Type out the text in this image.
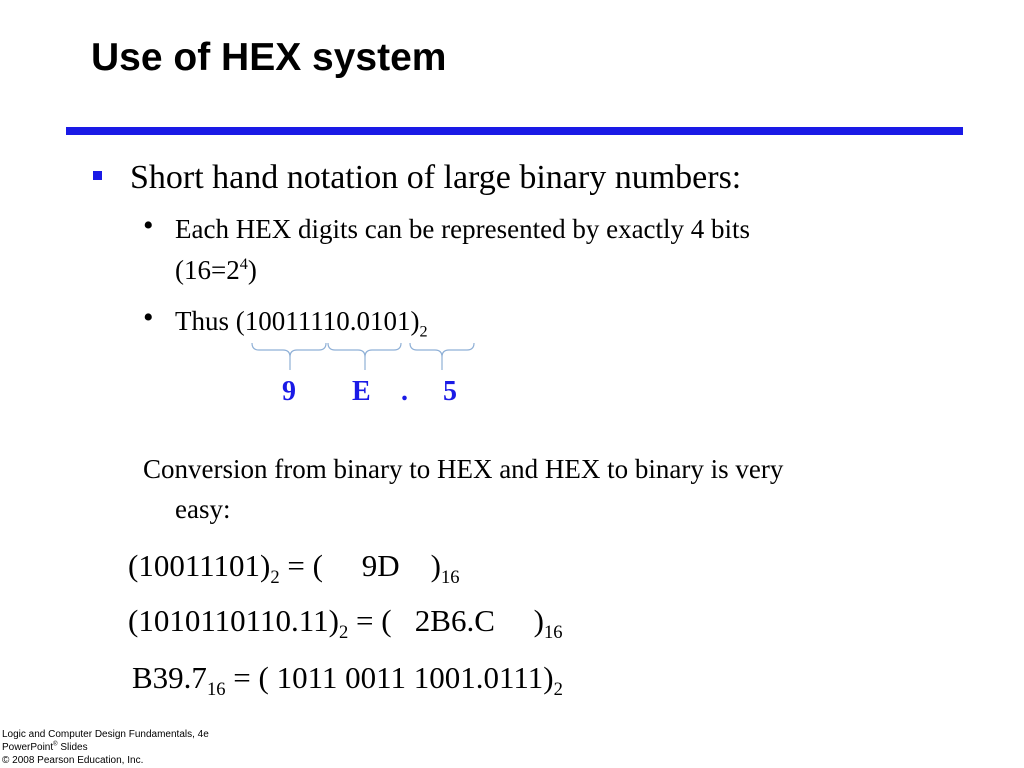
Use of HEX system
Short hand notation of large binary numbers:
• Each HEX digits can be represented by exactly 4 bits
$(16=2^4)$
• Thus $(10011110.0101)_2$
9 E . 5
Conversion from binary to HEX and HEX to binary is very
easy:
$(10011101)_2$ = (     9D    )$_{16}$
$(1010110110.11)_2$ = (   2B6.C     )$_{16}$
$B39.7_{16}$ = ( 1011 0011 $1001.0111)_2$
Logic and Computer Design Fundamentals, 4e
PowerPoint® Slides
© 2008 Pearson Education, Inc.
